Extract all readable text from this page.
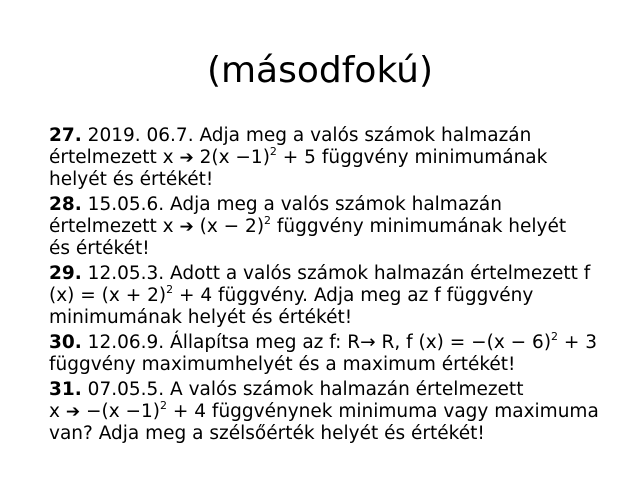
(másodfokú)
27. 2019. 06.7. Adja meg a valós számok halmazán
értelmezett x ➔ $2(x -1)^2 + 5$ függvény minimumának
helyét és értékét!
28. 15.05.6. Adja meg a valós számok halmazán
értelmezett x ➔ $(x - 2)^2$ függvény minimumának helyét
és értékét!
29. 12.05.3. Adott a valós számok halmazán értelmezett f
$(x) = (x + 2)^2 + 4$ függvény. Adja meg az f függvény
minimumának helyét és értékét!
30. 12.06.9. Állapítsa meg az f: R→ R, f $(x) = -(x - 6)^2 + 3$
függvény maximumhelyét és a maximum értékét!
31. 07.05.5. A valós számok halmazán értelmezett
x ➔ $-(x -1)^2 + 4$ függvénynek minimuma vagy maximuma
van? Adja meg a szélsőérték helyét és értékét!
